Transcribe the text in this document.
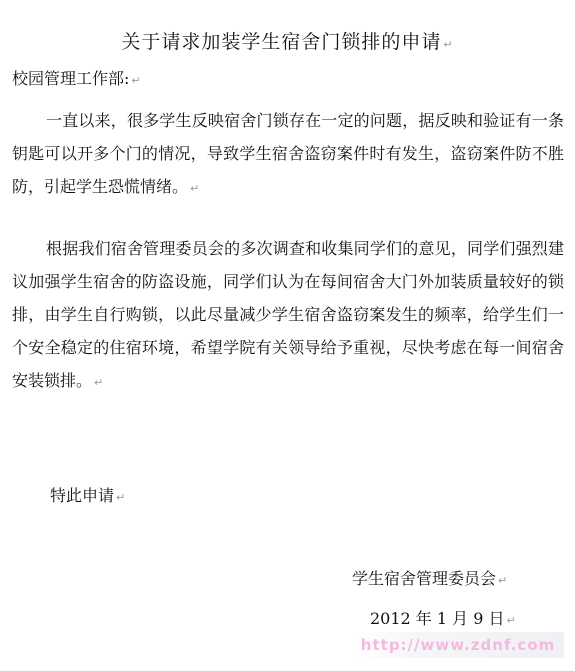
关于请求加装学生宿舍门锁排的申请 ↵
校园管理工作部: ↵

一直以来，很多学生反映宿舍门锁存在一定的问题，据反映和验证有一条钥匙可以开多个门的情况，导致学生宿舍盗窃案件时有发生，盗窃案件防不胜防，引起学生恐慌情绪。 ↵

根据我们宿舍管理委员会的多次调查和收集同学们的意见，同学们强烈建议加强学生宿舍的防盗设施，同学们认为在每间宿舍大门外加装质量较好的锁排，由学生自行购锁，以此尽量减少学生宿舍盗窃案发生的频率，给学生们一个安全稳定的住宿环境，希望学院有关领导给予重视，尽快考虑在每一间宿舍安装锁排。 ↵

特此申请 ↵
学生宿舍管理委员会 ↵
2012 年 1 月 9 日 ↵
http://www.zdnf.com
